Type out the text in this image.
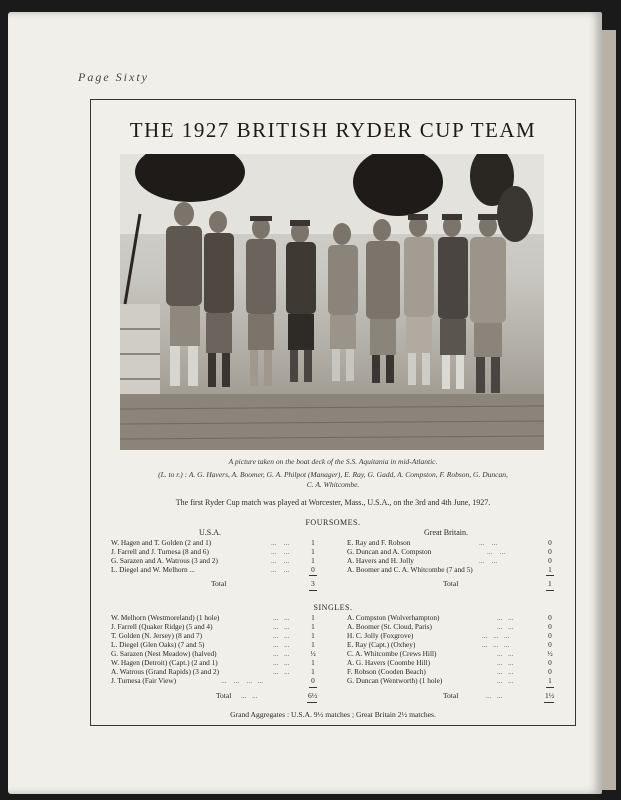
Page Sixty
THE 1927 BRITISH RYDER CUP TEAM
A picture taken on the boat deck of the S.S. Aquitania in mid-Atlantic.
(L. to r.) : A. G. Havers, A. Boomer, G. A. Philpot (Manager), E. Ray, G. Gadd, A. Compston, F. Robson, G. Duncan,
C. A. Whitcombe.
The first Ryder Cup match was played at Worcester, Mass., U.S.A., on the 3rd and 4th June, 1927.
FOURSOMES.
U.S.A.	Great Britain.
W. Hagen and T. Golden (2 and 1)	...    ...	1
J. Farrell and J. Turnesa (8 and 6)	...    ...	1
G. Sarazen and A. Watrous (3 and 2)	...    ...	1
L. Diegel and W. Melhorn ...	...    ...	0
E. Ray and F. Robson	...    ...	0
G. Duncan and A. Compston	...    ...	0
A. Havers and H. Jolly	...    ...	0
A. Boomer and C. A. Whitcombe (7 and 5)	1
Total	3	Total	1
SINGLES.
W. Melhorn (Westmoreland) (1 hole)	...   ...	1
J. Farrell (Quaker Ridge) (5 and 4)	...   ...	1
T. Golden (N. Jersey) (8 and 7)	...   ...	1
L. Diegel (Glen Oaks) (7 and 5)	...   ...	1
G. Sarazen (Nest Meadow) (halved)	...   ...	½
W. Hagen (Detroit) (Capt.) (2 and 1)	...   ...	1
A. Watrous (Grand Rapids) (3 and 2)	...   ...	1
J. Turnesa (Fair View)	...    ...    ...   ...	0
A. Compston (Wolverhampton)	...   ...	0
A. Boomer (St. Cloud, Paris)	...   ...	0
H. C. Jolly (Foxgrove)	...   ...   ...	0
E. Ray (Capt.) (Oxhey)	...   ...   ...	0
C. A. Whitcombe (Crews Hill)	...   ...	½
A. G. Havers (Coombe Hill)	...   ...	0
F. Robson (Cooden Beach)	...   ...	0
G. Duncan (Wentworth) (1 hole)	...   ...	1
Total ...   ...	6½	Total	...   ...	1½
Grand Aggregates : U.S.A. 9½ matches ; Great Britain 2½ matches.
